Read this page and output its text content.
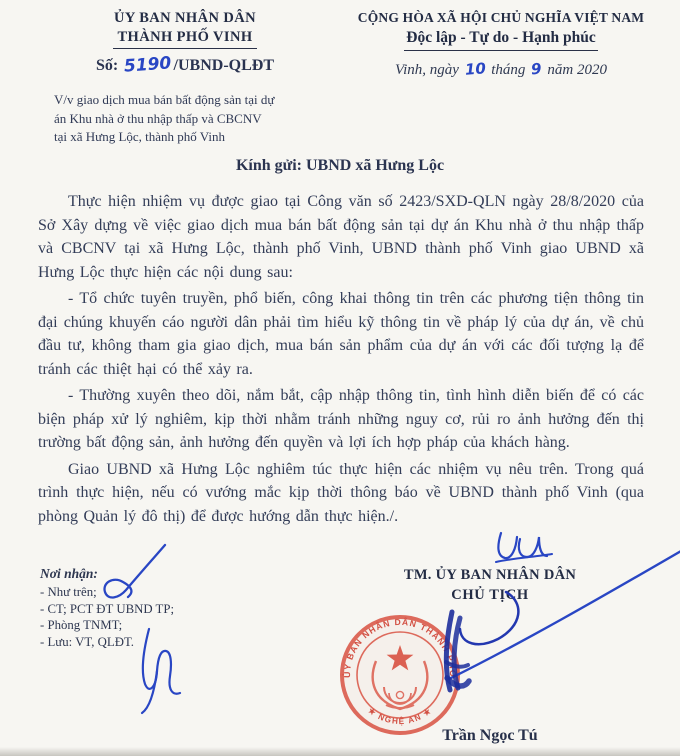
ỦY BAN NHÂN DÂN
THÀNH PHỐ VINH
Số: 5190/UBND-QLĐT
V/v giao dịch mua bán bất động sản tại dự
án Khu nhà ở thu nhập thấp và CBCNV
tại xã Hưng Lộc, thành phố Vinh
CỘNG HÒA XÃ HỘI CHỦ NGHĨA VIỆT NAM
Độc lập - Tự do - Hạnh phúc
Vinh, ngày 10 tháng 9 năm 2020
Kính gửi: UBND xã Hưng Lộc

Thực hiện nhiệm vụ được giao tại Công văn số 2423/SXD-QLN ngày 28/8/2020 của Sở Xây dựng về việc giao dịch mua bán bất động sản tại dự án Khu nhà ở thu nhập thấp và CBCNV tại xã Hưng Lộc, thành phố Vinh, UBND thành phố Vinh giao UBND xã Hưng Lộc thực hiện các nội dung sau:

- Tổ chức tuyên truyền, phổ biến, công khai thông tin trên các phương tiện thông tin đại chúng khuyến cáo người dân phải tìm hiểu kỹ thông tin về pháp lý của dự án, về chủ đầu tư, không tham gia giao dịch, mua bán sản phẩm của dự án với các đối tượng lạ để tránh các thiệt hại có thể xảy ra.

- Thường xuyên theo dõi, nắm bắt, cập nhập thông tin, tình hình diễn biến để có các biện pháp xử lý nghiêm, kịp thời nhằm tránh những nguy cơ, rủi ro ảnh hưởng đến thị trường bất động sản, ảnh hưởng đến quyền và lợi ích hợp pháp của khách hàng.

Giao UBND xã Hưng Lộc nghiêm túc thực hiện các nhiệm vụ nêu trên. Trong quá trình thực hiện, nếu có vướng mắc kịp thời thông báo về UBND thành phố Vinh (qua phòng Quản lý đô thị) để được hướng dẫn thực hiện./.

Nơi nhận:
- Như trên;
- CT; PCT ĐT UBND TP;
- Phòng TNMT;
- Lưu: VT, QLĐT.
TM. ỦY BAN NHÂN DÂN
CHỦ TỊCH
ỦY BAN NHÂN DÂN THÀNH PHỐ
★ NGHỆ AN ★
Trần Ngọc Tú
